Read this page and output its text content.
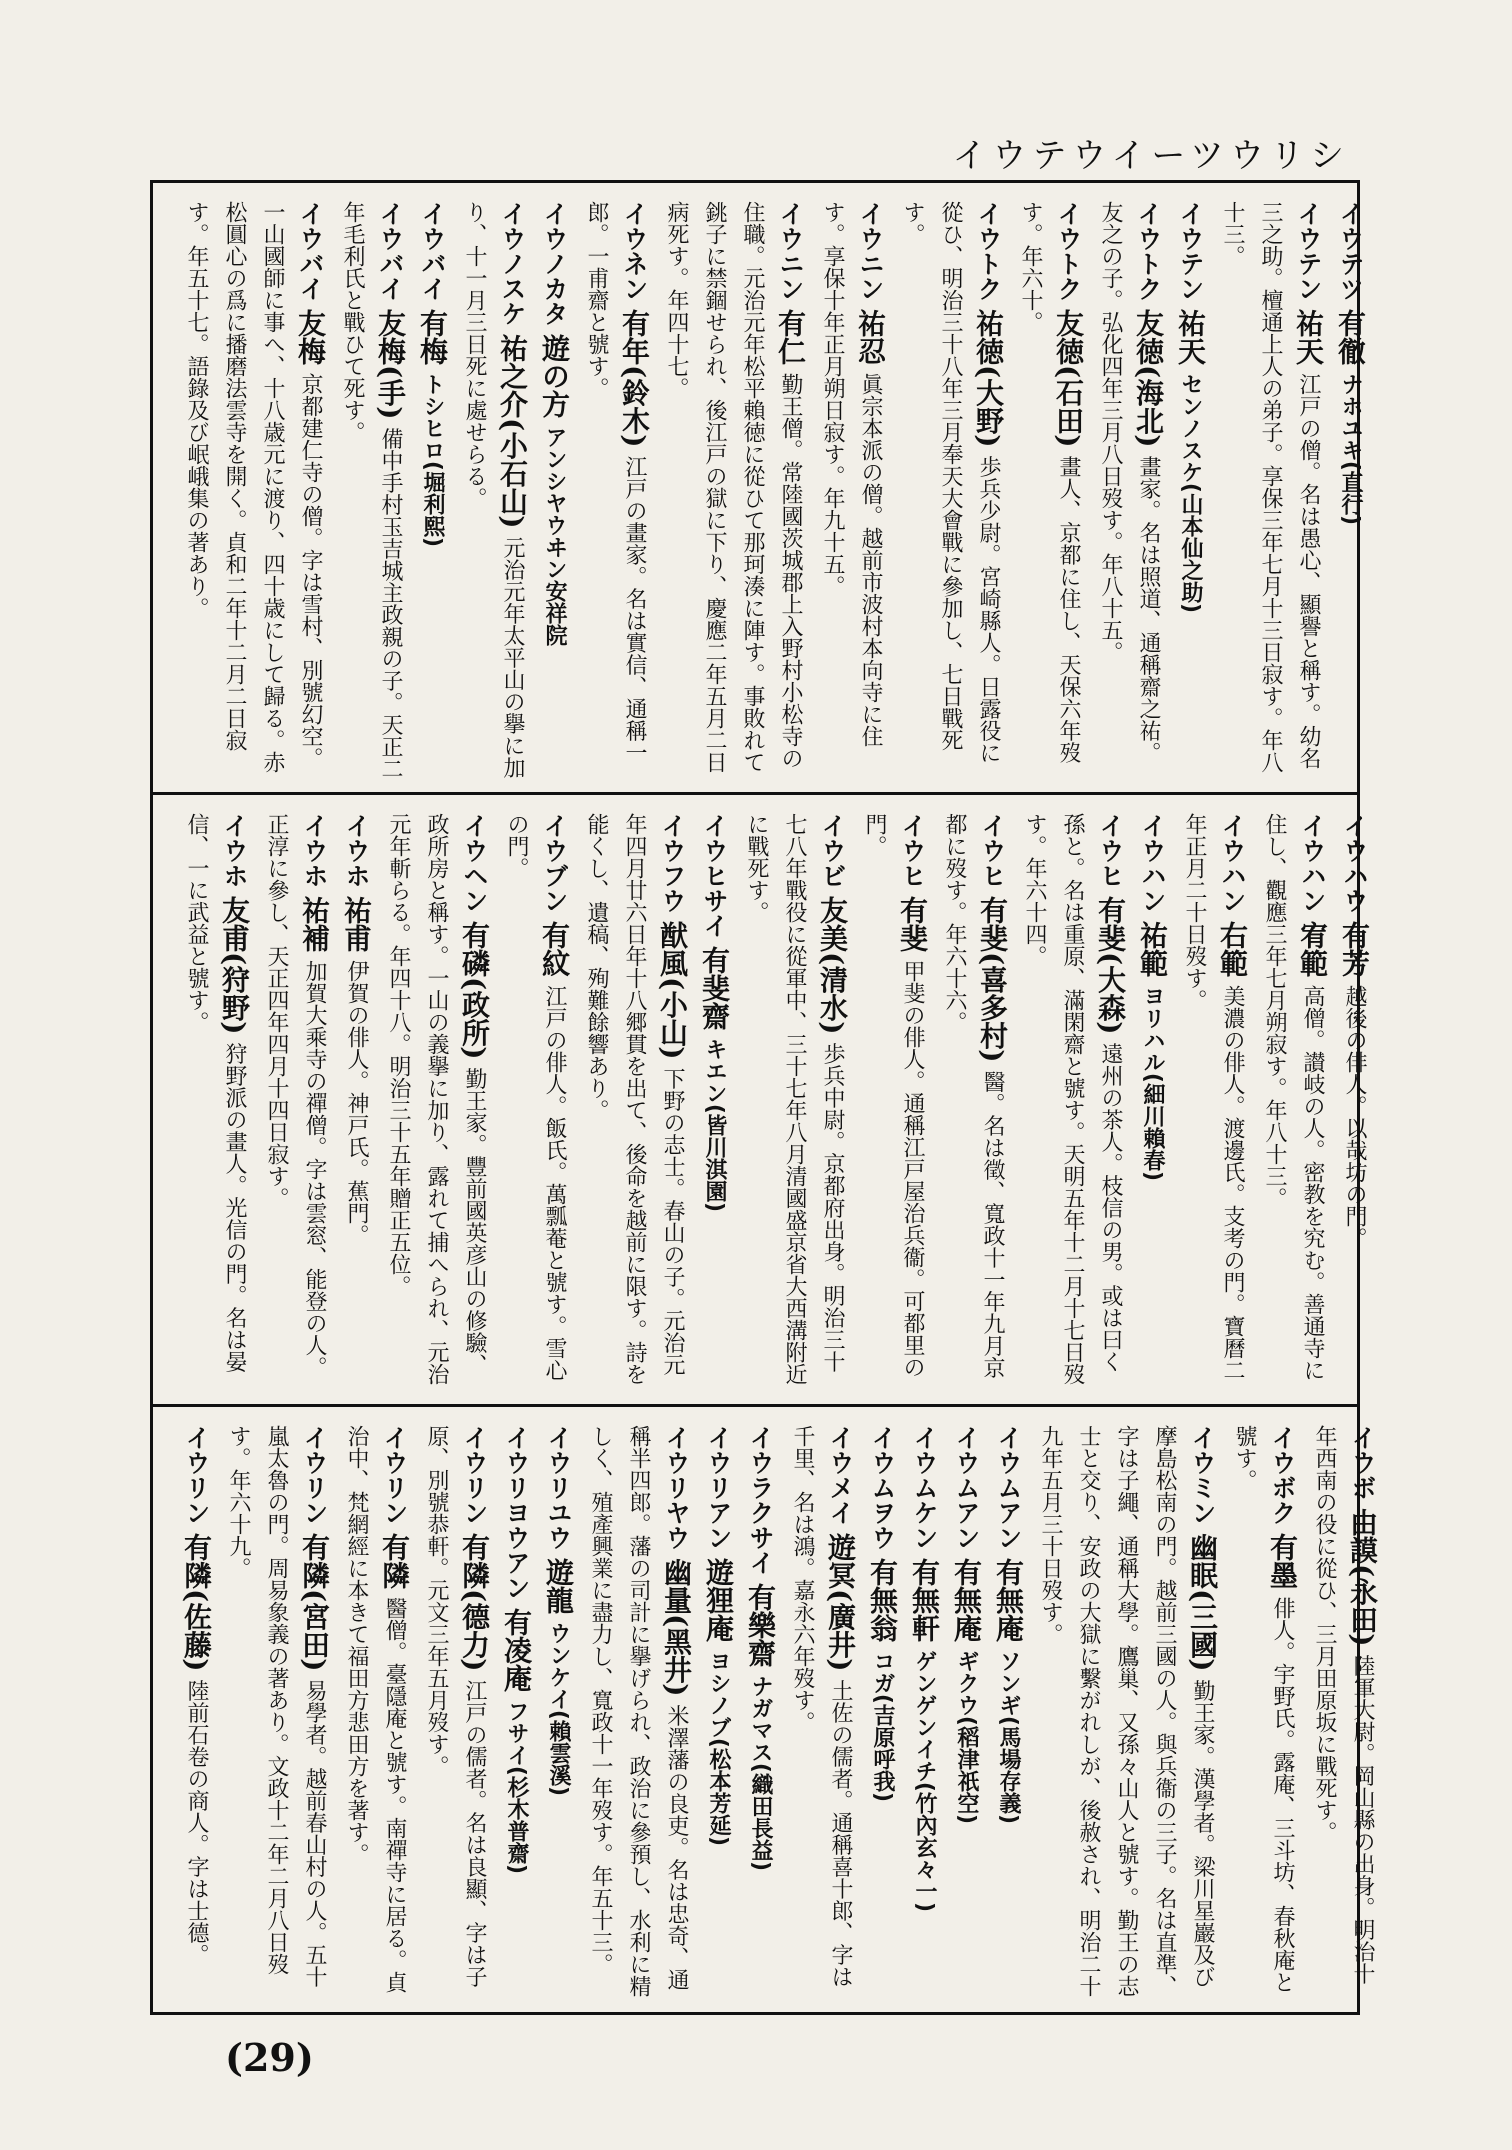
イウテウイーツウリシ
イウテツ 有徹 ナホユキ(直行)
イウテン 祐天 江戸の僧。名は愚心、顯譽と稱す。幼名三之助。檀通上人の弟子。享保三年七月十三日寂す。年八十三。
イウテン 祐天 センノスケ(山本仙之助)
イウトク 友徳(海北) 畫家。名は照道、通稱齋之祐。友之の子。弘化四年三月八日歿す。年八十五。
イウトク 友徳(石田) 畫人、京都に住し、天保六年歿す。年六十。
イウトク 祐徳(大野) 歩兵少尉。宮崎縣人。日露役に從ひ、明治三十八年三月奉天大會戰に參加し、七日戰死す。
イウニン 祐忍 眞宗本派の僧。越前市波村本向寺に住す。享保十年正月朔日寂す。年九十五。
イウニン 有仁 勤王僧。常陸國茨城郡上入野村小松寺の住職。元治元年松平賴徳に從ひて那珂湊に陣す。事敗れて銚子に禁錮せられ、後江戸の獄に下り、慶應二年五月二日病死す。年四十七。
イウネン 有年(鈴木) 江戸の畫家。名は實信、通稱一郎。一甫齋と號す。
イウノカタ 遊の方 アンシヤウヰン安祥院
イウノスケ 祐之介(小石山) 元治元年太平山の擧に加り、十一月三日死に處せらる。
イウバイ 有梅 トシヒロ(堀利熙)
イウバイ 友梅(手) 備中手村玉吉城主政親の子。天正二年毛利氏と戰ひて死す。
イウバイ 友梅 京都建仁寺の僧。字は雪村、別號幻空。一山國師に事へ、十八歳元に渡り、四十歳にして歸る。赤松圓心の爲に播磨法雲寺を開く。貞和二年十二月二日寂す。年五十七。語錄及び岷峨集の著あり。
イウハウ 有芳 越後の俳人。以哉坊の門。
イウハン 宥範 高僧。讃岐の人。密教を究む。善通寺に住し、觀應三年七月朔寂す。年八十三。
イウハン 右範 美濃の俳人。渡邊氏。支考の門。寶曆二年正月二十日歿す。
イウハン 祐範 ヨリハル(細川賴春)
イウヒ 有斐(大森) 遠州の茶人。枝信の男。或は曰く孫と。名は重原、滿閑齋と號す。天明五年十二月十七日歿す。年六十四。
イウヒ 有斐(喜多村) 醫。名は徵、寬政十一年九月京都に歿す。年六十六。
イウヒ 有斐 甲斐の俳人。通稱江戸屋治兵衞。可都里の門。
イウビ 友美(清水) 歩兵中尉。京都府出身。明治三十七八年戰役に從軍中、三十七年八月清國盛京省大西溝附近に戰死す。
イウヒサイ 有斐齋 キエン(皆川淇園)
イウフウ 猷風(小山) 下野の志士。春山の子。元治元年四月廿六日年十八郷貫を出て、後命を越前に限す。詩を能くし、遺稿、殉難餘響あり。
イウブン 有紋 江戸の俳人。飯氏。萬瓢菴と號す。雪心の門。
イウヘン 有磷(政所) 勤王家。豐前國英彦山の修驗、政所房と稱す。一山の義擧に加り、露れて捕へられ、元治元年斬らる。年四十八。明治三十五年贈正五位。
イウホ 祐甫 伊賀の俳人。神戸氏。蕉門。
イウホ 祐補 加賀大乘寺の禪僧。字は雲窓、能登の人。正淳に參し、天正四年四月十四日寂す。
イウホ 友甫(狩野) 狩野派の畫人。光信の門。名は晏信、一に武益と號す。
イウボ 由謨(永田) 陸軍大尉。岡山縣の出身。明治十年西南の役に從ひ、三月田原坂に戰死す。
イウボク 有墨 俳人。宇野氏。露庵、三斗坊、春秋庵と號す。
イウミン 幽眠(三國) 勤王家。漢學者。梁川星巖及び摩島松南の門。越前三國の人。與兵衞の三子。名は直準、字は子繩、通稱大學。鷹巢、又孫々山人と號す。勤王の志士と交り、安政の大獄に繫がれしが、後赦され、明治二十九年五月三十日歿す。
イウムアン 有無庵 ソンギ(馬場存義)
イウムアン 有無庵 ギクウ(稻津祇空)
イウムケン 有無軒 ゲンゲンイチ(竹內玄々一)
イウムヲウ 有無翁 コガ(吉原呼我)
イウメイ 遊冥(廣井) 土佐の儒者。通稱喜十郎、字は千里、名は鴻。嘉永六年歿す。
イウラクサイ 有樂齋 ナガマス(織田長益)
イウリアン 遊狸庵 ヨシノブ(松本芳延)
イウリヤウ 幽量(黑井) 米澤藩の良吏。名は忠奇、通稱半四郎。藩の司計に擧げられ、政治に參預し、水利に精しく、殖產興業に盡力し、寬政十一年歿す。年五十三。
イウリユウ 遊龍 ウンケイ(賴雲溪)
イウリヨウアン 有凌庵 フサイ(杉木普齋)
イウリン 有隣(德力) 江戸の儒者。名は良顯、字は子原、別號恭軒。元文三年五月歿す。
イウリン 有隣 醫僧。臺隱庵と號す。南禪寺に居る。貞治中、梵網經に本きて福田方悲田方を著す。
イウリン 有隣(宮田) 易學者。越前春山村の人。五十嵐太魯の門。周易象義の著あり。文政十二年二月八日歿す。年六十九。
イウリン 有隣(佐藤) 陸前石卷の商人。字は士德。
(29)
